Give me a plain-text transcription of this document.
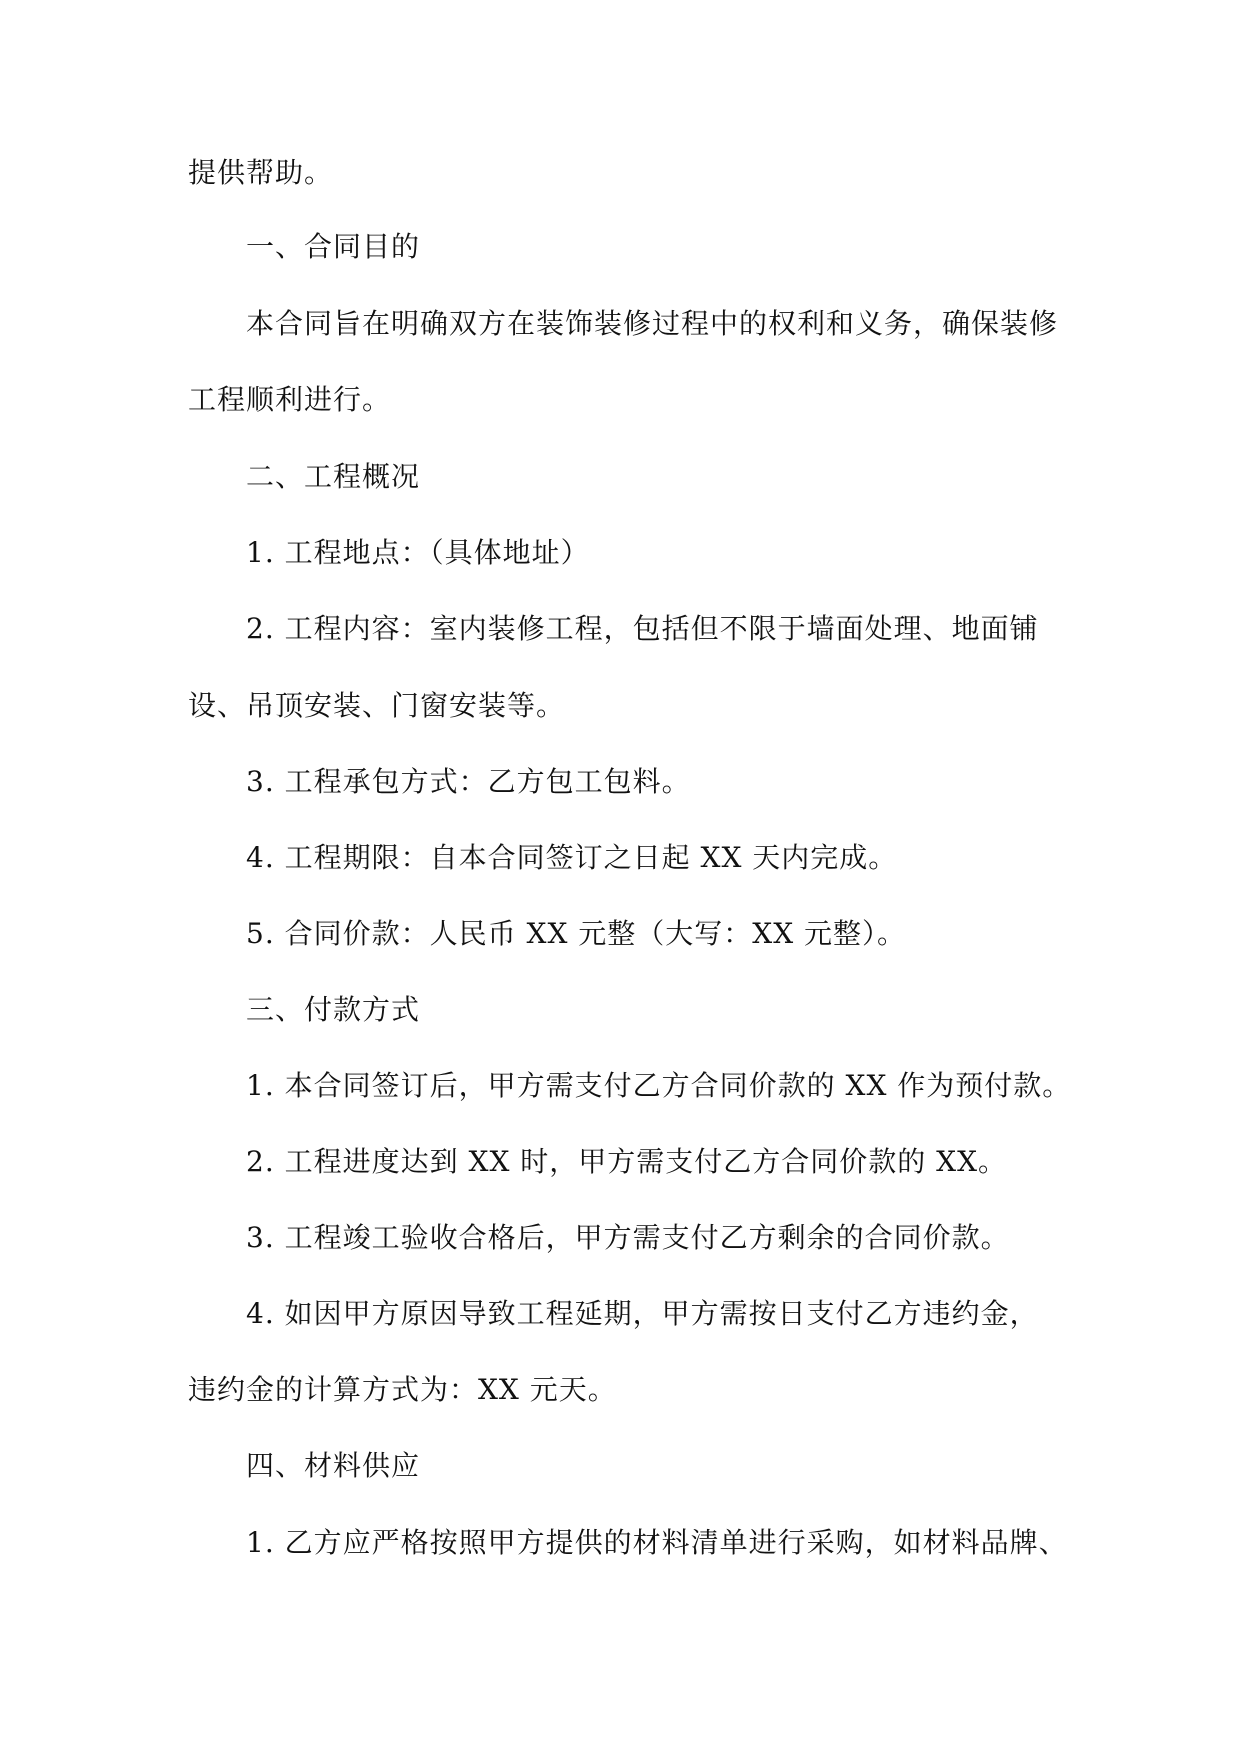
提供帮助。
一、合同目的
本合同旨在明确双方在装饰装修过程中的权利和义务，确保装修
工程顺利进行。
二、工程概况
1. 工程地点：（具体地址）
2. 工程内容：室内装修工程，包括但不限于墙面处理、地面铺
设、吊顶安装、门窗安装等。
3. 工程承包方式：乙方包工包料。
4. 工程期限：自本合同签订之日起 XX 天内完成。
5. 合同价款：人民币 XX 元整（大写：XX 元整）。
三、付款方式
1. 本合同签订后，甲方需支付乙方合同价款的 XX 作为预付款。
2. 工程进度达到 XX 时，甲方需支付乙方合同价款的 XX。
3. 工程竣工验收合格后，甲方需支付乙方剩余的合同价款。
4. 如因甲方原因导致工程延期，甲方需按日支付乙方违约金，
违约金的计算方式为：XX 元天。
四、材料供应
1. 乙方应严格按照甲方提供的材料清单进行采购，如材料品牌、
